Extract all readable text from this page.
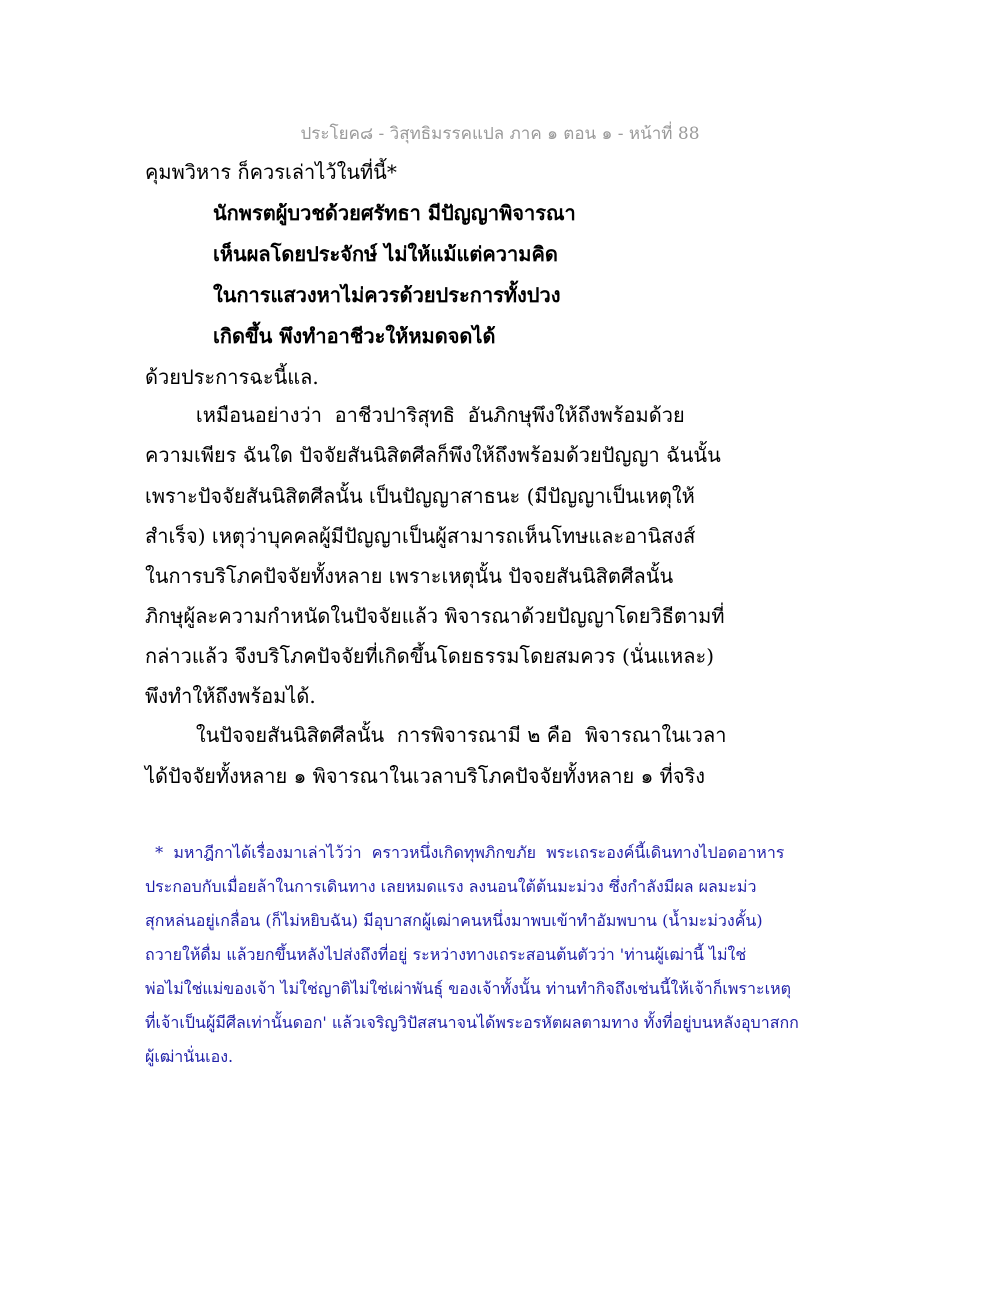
ประโยค๘ - วิสุทธิมรรคแปล ภาค ๑ ตอน ๑ - หน้าที่ 88
คุมพวิหาร ก็ควรเล่าไว้ในที่นี้*
นักพรตผู้บวชด้วยศรัทธา มีปัญญาพิจารณา
เห็นผลโดยประจักษ์ ไม่ให้แม้แต่ความคิด
ในการแสวงหาไม่ควรด้วยประการทั้งปวง
เกิดขึ้น พึงทำอาชีวะให้หมดจดได้
ด้วยประการฉะนี้แล.
เหมือนอย่างว่า  อาชีวปาริสุทธิ  อันภิกษุพึงให้ถึงพร้อมด้วย
ความเพียร ฉันใด ปัจจัยสันนิสิตศีลก็พึงให้ถึงพร้อมด้วยปัญญา ฉันนั้น
เพราะปัจจัยสันนิสิตศีลนั้น เป็นปัญญาสาธนะ (มีปัญญาเป็นเหตุให้
สำเร็จ) เหตุว่าบุคคลผู้มีปัญญาเป็นผู้สามารถเห็นโทษและอานิสงส์
ในการบริโภคปัจจัยทั้งหลาย เพราะเหตุนั้น ปัจจยสันนิสิตศีลนั้น
ภิกษุผู้ละความกำหนัดในปัจจัยแล้ว พิจารณาด้วยปัญญาโดยวิธีตามที่
กล่าวแล้ว จึงบริโภคปัจจัยที่เกิดขึ้นโดยธรรมโดยสมควร (นั่นแหละ)
พึงทำให้ถึงพร้อมได้.
ในปัจจยสันนิสิตศีลนั้น  การพิจารณามี ๒ คือ  พิจารณาในเวลา
ได้ปัจจัยทั้งหลาย ๑ พิจารณาในเวลาบริโภคปัจจัยทั้งหลาย ๑ ที่จริง
*  มหาฎีกาได้เรื่องมาเล่าไว้ว่า  คราวหนึ่งเกิดทุพภิกขภัย  พระเถระองค์นี้เดินทางไปอดอาหาร
ประกอบกับเมื่อยล้าในการเดินทาง เลยหมดแรง ลงนอนใต้ต้นมะม่วง ซึ่งกำลังมีผล ผลมะม่ว
สุกหล่นอยู่เกลื่อน (ก็ไม่หยิบฉัน) มีอุบาสกผู้เฒ่าคนหนึ่งมาพบเข้าทำอัมพบาน (น้ำมะม่วงคั้น)
ถวายให้ดื่ม แล้วยกขึ้นหลังไปส่งถึงที่อยู่ ระหว่างทางเถระสอนต้นตัวว่า 'ท่านผู้เฒ่านี้ ไม่ใช่
พ่อไม่ใช่แม่ของเจ้า ไม่ใช่ญาติไม่ใช่เผ่าพันธุ์ ของเจ้าทั้งนั้น ท่านทำกิจถึงเช่นนี้ให้เจ้าก็เพราะเหตุ
ที่เจ้าเป็นผู้มีศีลเท่านั้นดอก' แล้วเจริญวิปัสสนาจนได้พระอรหัตผลตามทาง ทั้งที่อยู่บนหลังอุบาสกก
ผู้เฒ่านั่นเอง.
